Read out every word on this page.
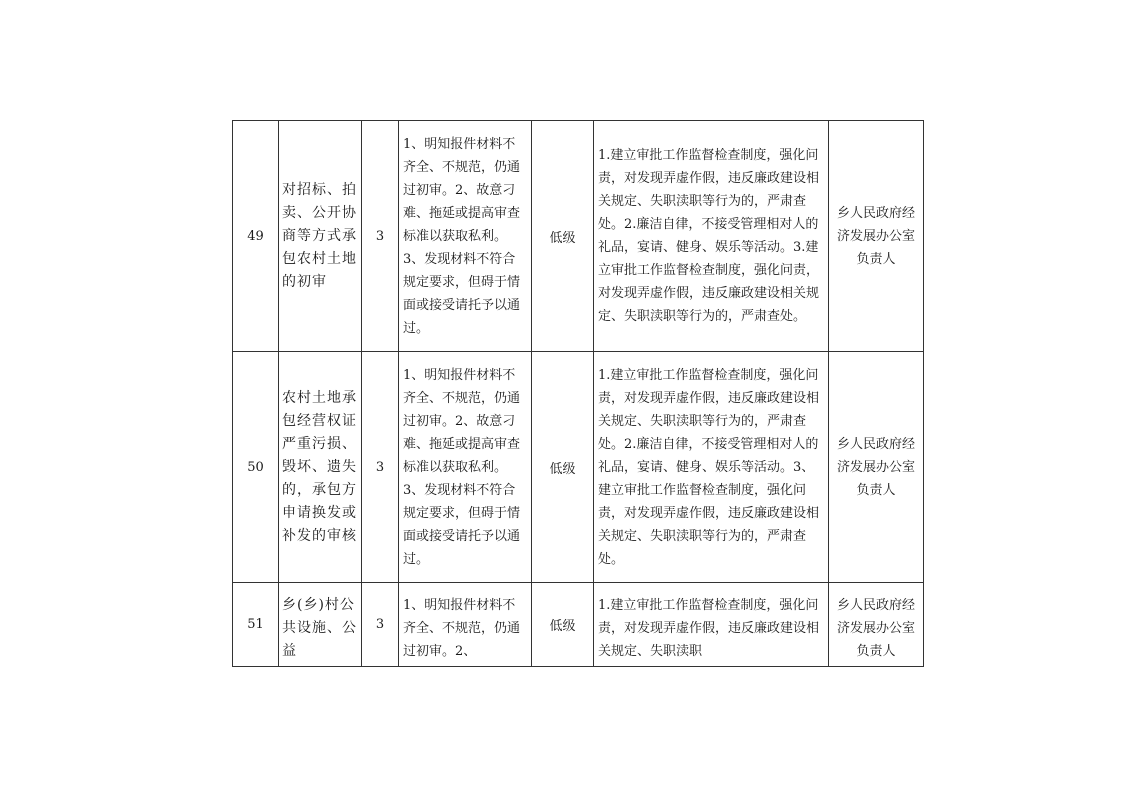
49	对招标、拍卖、公开协商等方式承包农村土地的初审	3	1、明知报件材料不齐全、不规范，仍通过初审。2、故意刁难、拖延或提高审查标准以获取私利。3、发现材料不符合规定要求，但碍于情面或接受请托予以通过。	低级	1.建立审批工作监督检查制度，强化问责，对发现弄虚作假，违反廉政建设相关规定、失职渎职等行为的，严肃查处。2.廉洁自律，不接受管理相对人的礼品，宴请、健身、娱乐等活动。3.建立审批工作监督检查制度，强化问责，对发现弄虚作假，违反廉政建设相关规定、失职渎职等行为的，严肃查处。	乡人民政府经济发展办公室负责人
50	农村土地承包经营权证严重污损、毁坏、遗失的，承包方申请换发或补发的审核	3	1、明知报件材料不齐全、不规范，仍通过初审。2、故意刁难、拖延或提高审查标准以获取私利。3、发现材料不符合规定要求，但碍于情面或接受请托予以通过。	低级	1.建立审批工作监督检查制度，强化问责，对发现弄虚作假，违反廉政建设相关规定、失职渎职等行为的，严肃查处。2.廉洁自律，不接受管理相对人的礼品，宴请、健身、娱乐等活动。3、建立审批工作监督检查制度，强化问责，对发现弄虚作假，违反廉政建设相关规定、失职渎职等行为的，严肃查处。	乡人民政府经济发展办公室负责人
51	乡(乡)村公共设施、公益	3	1、明知报件材料不齐全、不规范，仍通过初审。2、	低级	1.建立审批工作监督检查制度，强化问责，对发现弄虚作假，违反廉政建设相关规定、失职渎职	乡人民政府经济发展办公室负责人
